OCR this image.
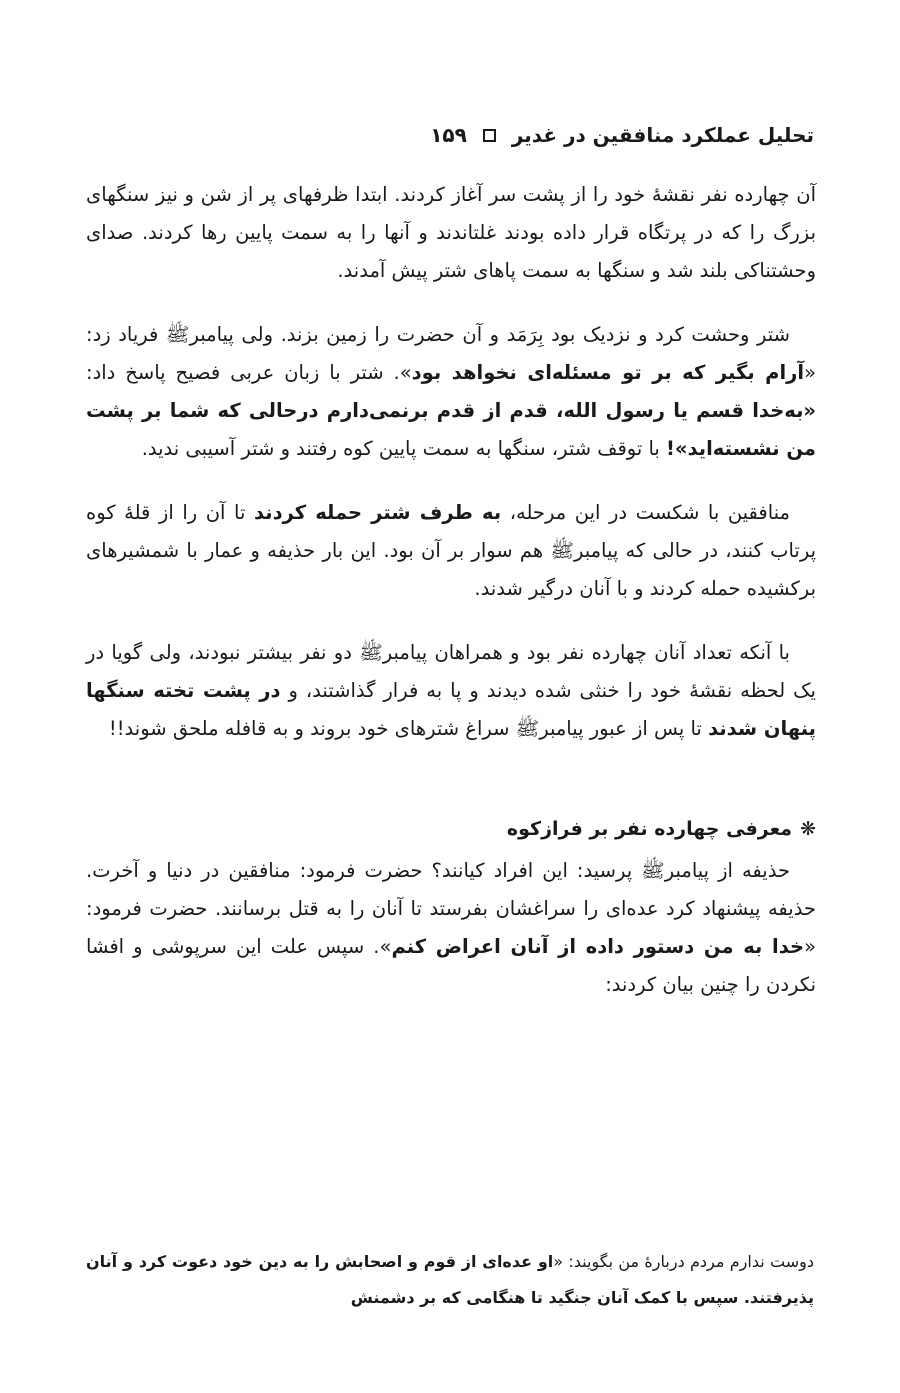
تحلیل عملکرد منافقین در غدیر
۱۵۹

آن چهارده نفر نقشهٔ خود را از پشت سر آغاز کردند. ابتدا ظرفهای پر از شن و نیز سنگهای بزرگ را که در پرتگاه قرار داده بودند غلتاندند و آنها را به سمت پایین رها کردند. صدای وحشتناکی بلند شد و سنگها به سمت پاهای شتر پیش آمدند.

شتر وحشت کرد و نزدیک بود بِرَمَد و آن حضرت را زمین بزند. ولی پیامبرﷺ فریاد زد: «آرام بگیر که بر تو مسئله‌ای نخواهد بود». شتر با زبان عربی فصیح پاسخ داد: «به‌خدا قسم یا رسول الله، قدم از قدم برنمی‌دارم درحالی که شما بر پشت من نشسته‌اید»! با توقف شتر، سنگها به سمت پایین کوه رفتند و شتر آسیبی ندید.

منافقین با شکست در این مرحله، به طرف شتر حمله کردند تا آن را از قلهٔ کوه پرتاب کنند، در حالی که پیامبرﷺ هم سوار بر آن بود. این بار حذیفه و عمار با شمشیرهای برکشیده حمله کردند و با آنان درگیر شدند.

با آنکه تعداد آنان چهارده نفر بود و همراهان پیامبرﷺ دو نفر بیشتر نبودند، ولی گویا در یک لحظه نقشهٔ خود را خنثی شده دیدند و پا به فرار گذاشتند، و در پشت تخته سنگها پنهان شدند تا پس از عبور پیامبرﷺ سراغ شترهای خود بروند و به قافله ملحق شوند!!

❋
معرفی چهارده نفر بر فرازکوه

حذیفه از پیامبرﷺ پرسید: این افراد کیانند؟ حضرت فرمود: منافقین در دنیا و آخرت. حذیفه پیشنهاد کرد عده‌ای را سراغشان بفرستد تا آنان را به قتل برسانند. حضرت فرمود: «خدا به من دستور داده از آنان اعراض کنم». سپس علت این سرپوشی و افشا نکردن را چنین بیان کردند:

دوست ندارم مردم دربارهٔ من بگویند: «او عده‌ای از قوم و اصحابش را به دین خود دعوت کرد و آنان پذیرفتند. سپس با کمک آنان جنگید تا هنگامی که بر دشمنش
